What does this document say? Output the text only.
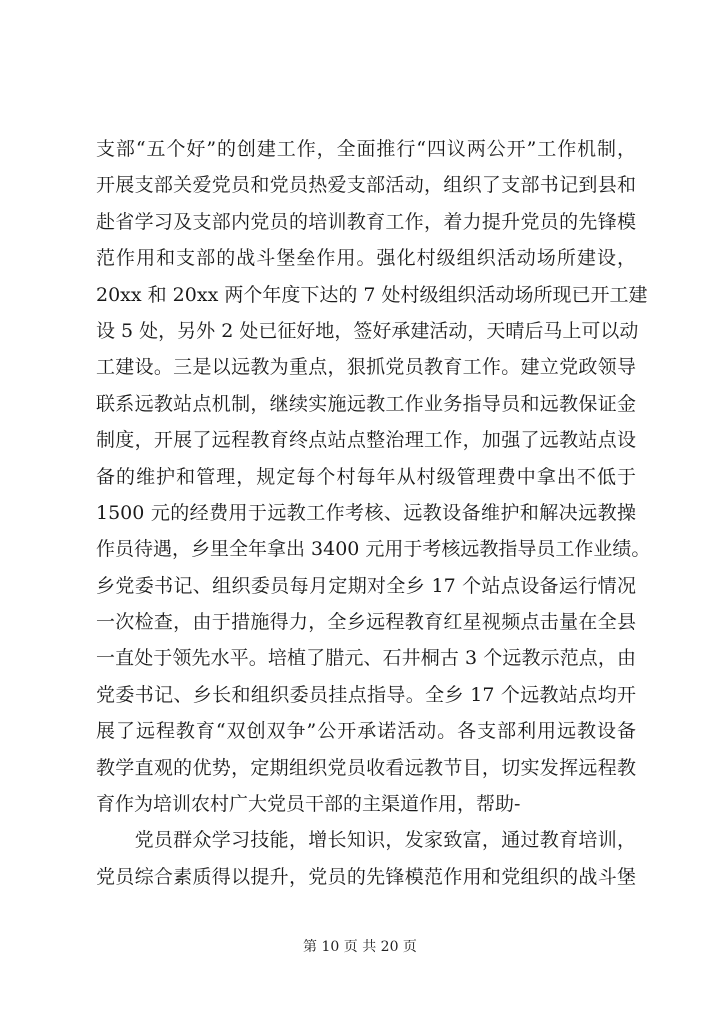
支部“五个好”的创建工作，全面推行“四议两公开”工作机制，
开展支部关爱党员和党员热爱支部活动，组织了支部书记到县和
赴省学习及支部内党员的培训教育工作，着力提升党员的先锋模
范作用和支部的战斗堡垒作用。强化村级组织活动场所建设，
20xx 和 20xx 两个年度下达的 7 处村级组织活动场所现已开工建
设 5 处，另外 2 处已征好地，签好承建活动，天晴后马上可以动
工建设。三是以远教为重点，狠抓党员教育工作。建立党政领导
联系远教站点机制，继续实施远教工作业务指导员和远教保证金
制度，开展了远程教育终点站点整治理工作，加强了远教站点设
备的维护和管理，规定每个村每年从村级管理费中拿出不低于
1500 元的经费用于远教工作考核、远教设备维护和解决远教操
作员待遇，乡里全年拿出 3400 元用于考核远教指导员工作业绩。
乡党委书记、组织委员每月定期对全乡 17 个站点设备运行情况
一次检查，由于措施得力，全乡远程教育红星视频点击量在全县
一直处于领先水平。培植了腊元、石井桐古 3 个远教示范点，由
党委书记、乡长和组织委员挂点指导。全乡 17 个远教站点均开
展了远程教育“双创双争”公开承诺活动。各支部利用远教设备
教学直观的优势，定期组织党员收看远教节目，切实发挥远程教
育作为培训农村广大党员干部的主渠道作用，帮助-
　　党员群众学习技能，增长知识，发家致富，通过教育培训，
党员综合素质得以提升，党员的先锋模范作用和党组织的战斗堡
第 10 页 共 20 页
